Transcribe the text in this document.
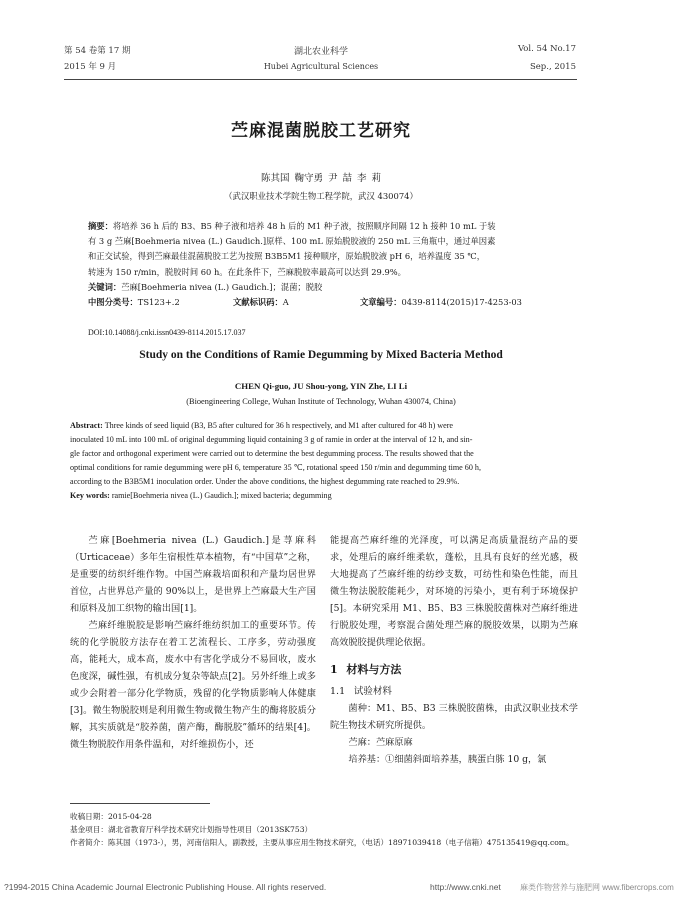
第 54 卷第 17 期
2015 年 9 月
湖北农业科学
Hubei Agricultural Sciences
Vol. 54 No.17
Sep., 2015
苎麻混菌脱胶工艺研究
陈其国 鞠守勇 尹 喆 李 莉
（武汉职业技术学院生物工程学院，武汉 430074）
摘要：将培养 36 h 后的 B3、B5 种子液和培养 48 h 后的 M1 种子液，按照顺序间隔 12 h 接种 10 mL 于装
有 3 g 苎麻[Boehmeria nivea (L.) Gaudich.]原样、100 mL 原始脱胶液的 250 mL 三角瓶中，通过单因素
和正交试验，得到苎麻最佳混菌脱胶工艺为按照 B3B5M1 接种顺序，原始脱胶液 pH 6，培养温度 35 ℃，
转速为 150 r/min，脱胶时间 60 h。在此条件下，苎麻脱胶率最高可以达到 29.9%。
关键词：苎麻[Boehmeria nivea (L.) Gaudich.]；混菌；脱胶
中图分类号：TS123+.2	文献标识码：A	文章编号：0439-8114(2015)17-4253-03
DOI:10.14088/j.cnki.issn0439-8114.2015.17.037
Study on the Conditions of Ramie Degumming by Mixed Bacteria Method
CHEN Qi-guo, JU Shou-yong, YIN Zhe, LI Li
(Bioengineering College, Wuhan Institute of Technology, Wuhan 430074, China)
Abstract: Three kinds of seed liquid (B3, B5 after cultured for 36 h respectively, and M1 after cultured for 48 h) were
inoculated 10 mL into 100 mL of original degumming liquid containing 3 g of ramie in order at the interval of 12 h, and sin-
gle factor and orthogonal experiment were carried out to determine the best degumming process. The results showed that the
optimal conditions for ramie degumming were pH 6, temperature 35 ℃, rotational speed 150 r/min and degumming time 60 h,
according to the B3B5M1 inoculation order. Under the above conditions, the highest degumming rate reached to 29.9%.
Key words: ramie[Boehmeria nivea (L.) Gaudich.]; mixed bacteria; degumming

苎麻[Boehmeria nivea (L.) Gaudich.]是荨麻科（Urticaceae）多年生宿根性草本植物，有“中国草”之称，是重要的纺织纤维作物。中国苎麻栽培面积和产量均居世界首位，占世界总产量的 90%以上，是世界上苎麻最大生产国和原料及加工织物的输出国[1]。

苎麻纤维脱胶是影响苎麻纤维纺织加工的重要环节。传统的化学脱胶方法存在着工艺流程长、工序多，劳动强度高，能耗大，成本高，废水中有害化学成分不易回收，废水色度深，碱性强，有机成分复杂等缺点[2]。另外纤维上或多或少会附着一部分化学物质，残留的化学物质影响人体健康[3]。微生物脱胶则是利用微生物或微生物产生的酶将胶质分解，其实质就是“胶养菌，菌产酶，酶脱胶”循环的结果[4]。微生物脱胶作用条件温和，对纤维损伤小，还

能提高苎麻纤维的光泽度，可以满足高质量混纺产品的要求，处理后的麻纤维柔软，蓬松，且具有良好的丝光感，极大地提高了苎麻纤维的纺纱支数，可纺性和染色性能，而且微生物法脱胶能耗少，对环境的污染小，更有利于环境保护[5]。本研究采用 M1、B5、B3 三株脱胶菌株对苎麻纤维进行脱胶处理，考察混合菌处理苎麻的脱胶效果，以期为苎麻高效脱胶提供理论依据。
1 材料与方法
1.1 试验材料

菌种：M1、B5、B3 三株脱胶菌株，由武汉职业技术学院生物技术研究所提供。

苎麻：苎麻原麻

培养基：①细菌斜面培养基，胰蛋白胨 10 g，氯

收稿日期：2015-04-28
基金项目：湖北省教育厅科学技术研究计划指导性项目（2013SK753）
作者简介：陈其国（1973-），男，河南信阳人，副教授，主要从事应用生物技术研究，（电话）18971039418（电子信箱）475135419@qq.com。
?1994-2015 China Academic Journal Electronic Publishing House. All rights reserved.	http://www.cnki.net 麻类作物营养与施肥网 www.fibercrops.com
